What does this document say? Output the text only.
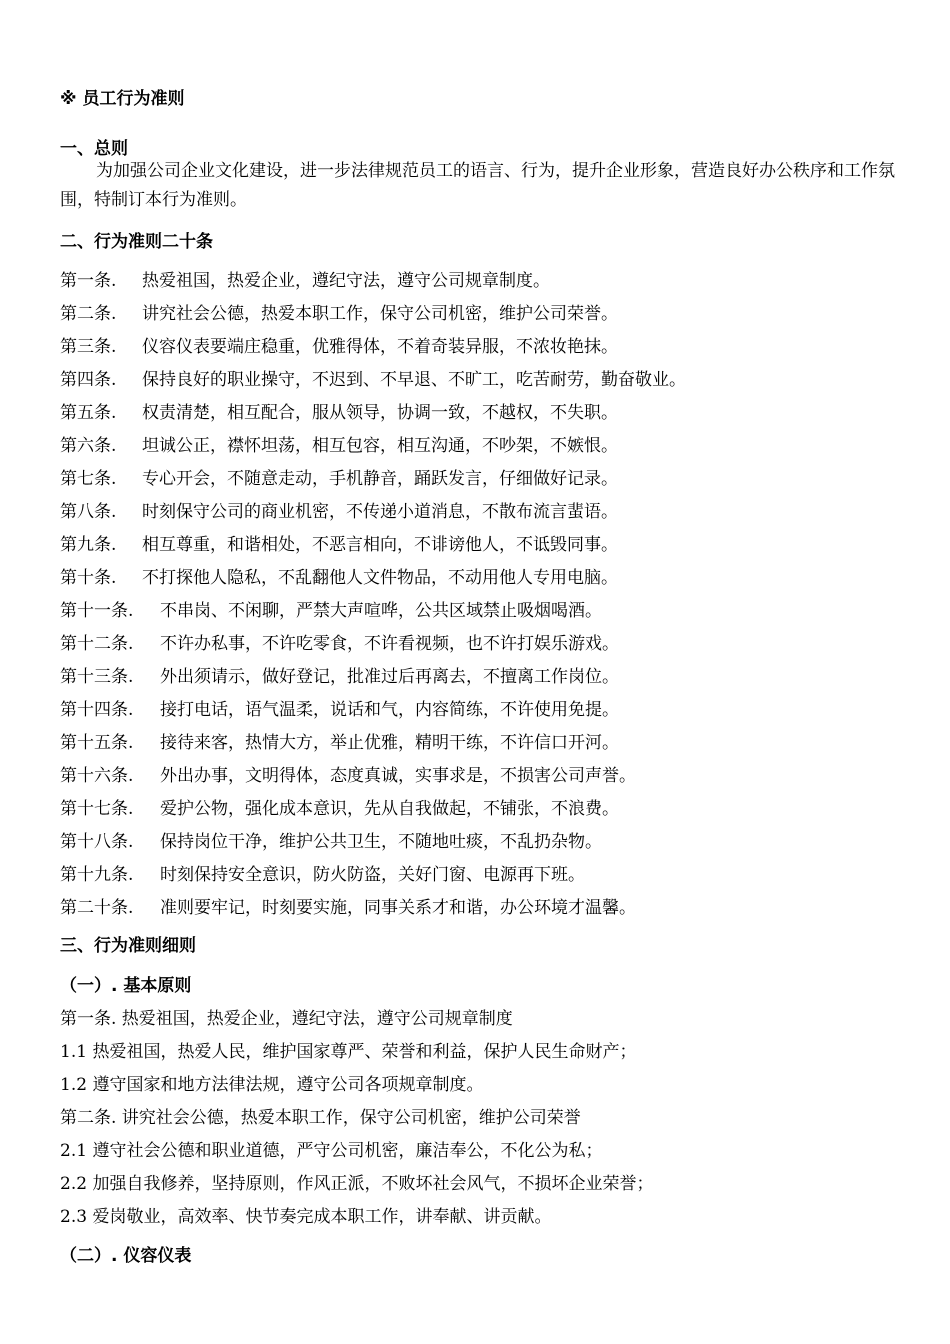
※ 员工行为准则
一、总则
为加强公司企业文化建设，进一步法律规范员工的语言、行为，提升企业形象，营造良好办公秩序和工作氛围，特制订本行为准则。
二、行为准则二十条
第一条. 热爱祖国，热爱企业，遵纪守法，遵守公司规章制度。
第二条. 讲究社会公德，热爱本职工作，保守公司机密，维护公司荣誉。
第三条. 仪容仪表要端庄稳重，优雅得体，不着奇装异服，不浓妆艳抹。
第四条. 保持良好的职业操守，不迟到、不早退、不旷工，吃苦耐劳，勤奋敬业。
第五条. 权责清楚，相互配合，服从领导，协调一致，不越权，不失职。
第六条. 坦诚公正，襟怀坦荡，相互包容，相互沟通，不吵架，不嫉恨。
第七条. 专心开会，不随意走动，手机静音，踊跃发言，仔细做好记录。
第八条. 时刻保守公司的商业机密，不传递小道消息，不散布流言蜚语。
第九条. 相互尊重，和谐相处，不恶言相向，不诽谤他人，不诋毁同事。
第十条. 不打探他人隐私，不乱翻他人文件物品，不动用他人专用电脑。
第十一条. 不串岗、不闲聊，严禁大声喧哗，公共区域禁止吸烟喝酒。
第十二条. 不许办私事，不许吃零食，不许看视频，也不许打娱乐游戏。
第十三条. 外出须请示，做好登记，批准过后再离去，不擅离工作岗位。
第十四条. 接打电话，语气温柔，说话和气，内容简练，不许使用免提。
第十五条. 接待来客，热情大方，举止优雅，精明干练，不许信口开河。
第十六条. 外出办事，文明得体，态度真诚，实事求是，不损害公司声誉。
第十七条. 爱护公物，强化成本意识，先从自我做起，不铺张，不浪费。
第十八条. 保持岗位干净，维护公共卫生，不随地吐痰，不乱扔杂物。
第十九条. 时刻保持安全意识，防火防盗，关好门窗、电源再下班。
第二十条. 准则要牢记，时刻要实施，同事关系才和谐，办公环境才温馨。
三、行为准则细则
（一）. 基本原则
第一条. 热爱祖国，热爱企业，遵纪守法，遵守公司规章制度
1.1 热爱祖国，热爱人民，维护国家尊严、荣誉和利益，保护人民生命财产；
1.2 遵守国家和地方法律法规，遵守公司各项规章制度。
第二条. 讲究社会公德，热爱本职工作，保守公司机密，维护公司荣誉
2.1 遵守社会公德和职业道德，严守公司机密，廉洁奉公，不化公为私；
2.2 加强自我修养，坚持原则，作风正派，不败坏社会风气，不损坏企业荣誉；
2.3 爱岗敬业，高效率、快节奏完成本职工作，讲奉献、讲贡献。
（二）. 仪容仪表
